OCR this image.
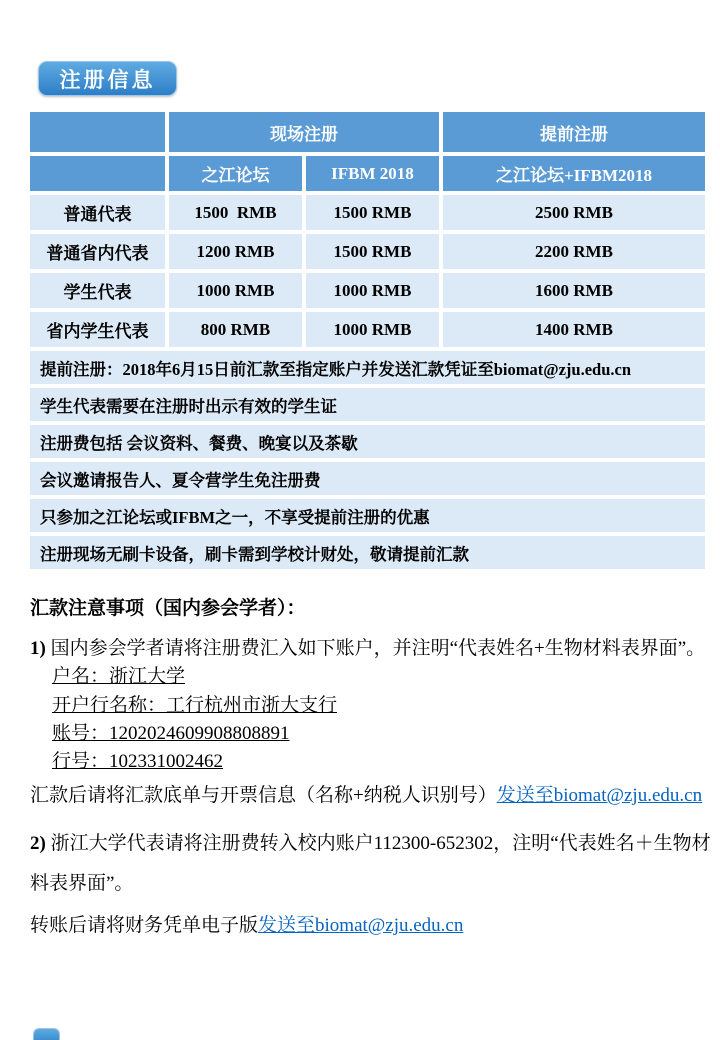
注册信息
现场注册	提前注册
之江论坛	IFBM 2018	之江论坛+IFBM2018
普通代表	1500  RMB	1500 RMB	2500 RMB
普通省内代表	1200 RMB	1500 RMB	2200 RMB
学生代表	1000 RMB	1000 RMB	1600 RMB
省内学生代表	800 RMB	1000 RMB	1400 RMB
提前注册：2018年6月15日前汇款至指定账户并发送汇款凭证至biomat@zju.edu.cn
学生代表需要在注册时出示有效的学生证
注册费包括 会议资料、餐费、晚宴以及茶歇
会议邀请报告人、夏令营学生免注册费
只参加之江论坛或IFBM之一，不享受提前注册的优惠
注册现场无刷卡设备，刷卡需到学校计财处，敬请提前汇款

汇款注意事项（国内参会学者）：

1) 国内参会学者请将注册费汇入如下账户，并注明“代表姓名+生物材料表界面”。

户名：浙江大学
开户行名称：工行杭州市浙大支行
账号：1202024609908808891
行号：102331002462

汇款后请将汇款底单与开票信息（名称+纳税人识别号）发送至biomat@zju.edu.cn

2) 浙江大学代表请将注册费转入校内账户112300-652302，注明“代表姓名＋生物材料表界面”。

转账后请将财务凭单电子版发送至biomat@zju.edu.cn
